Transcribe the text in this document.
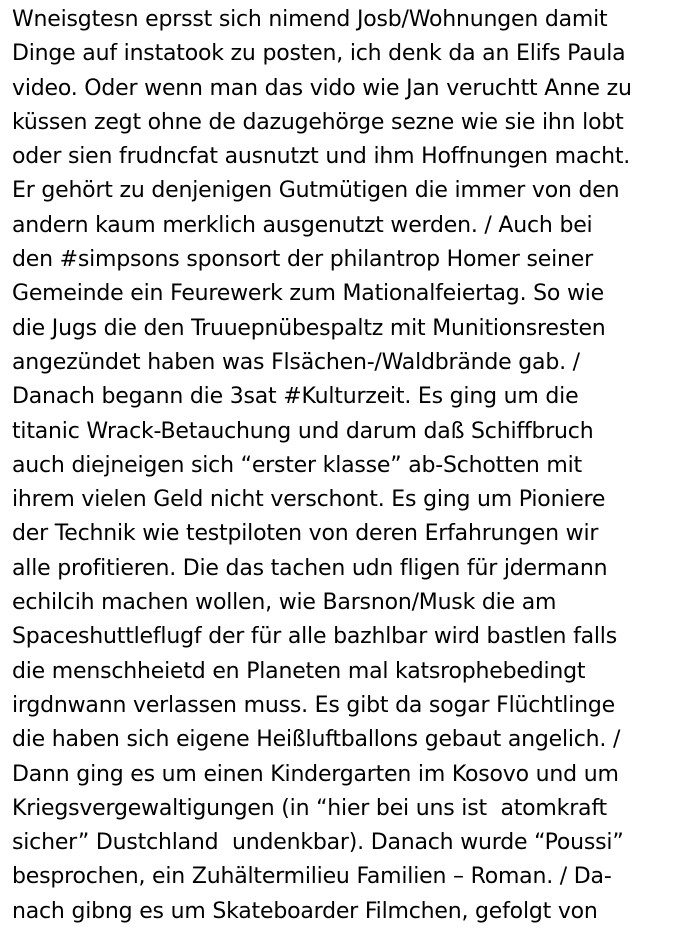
Wneisgtesn eprsst sich nimend Josb/Wohnungen damit
Dinge auf instatook zu posten, ich denk da an Elifs Paula
video. Oder wenn man das vido wie Jan veruchtt Anne zu
küssen zegt ohne de dazugehörge sezne wie sie ihn lobt
oder sien frudncfat ausnutzt und ihm Hoffnungen macht.
Er gehört zu denjenigen Gutmütigen die immer von den
andern kaum merklich ausgenutzt werden. / Auch bei
den #simpsons sponsort der philantrop Homer seiner
Gemeinde ein Feurewerk zum Mationalfeiertag. So wie
die Jugs die den Truuepnübespaltz mit Munitionsresten
angezündet haben was Flsächen-/Waldbrände gab. /
Danach begann die 3sat #Kulturzeit. Es ging um die
titanic Wrack-Betauchung und darum daß Schiffbruch
auch diejneigen sich “erster klasse” ab-Schotten mit
ihrem vielen Geld nicht verschont. Es ging um Pioniere
der Technik wie testpiloten von deren Erfahrungen wir
alle profitieren. Die das tachen udn fligen für jdermann
echilcih machen wollen, wie Barsnon/Musk die am
Spaceshuttleflugf der für alle bazhlbar wird bastlen falls
die menschheietd en Planeten mal katsrophebedingt
irgdnwann verlassen muss. Es gibt da sogar Flüchtlinge
die haben sich eigene Heißluftballons gebaut angelich. /
Dann ging es um einen Kindergarten im Kosovo und um
Kriegsvergewaltigungen (in “hier bei uns ist  atomkraft
sicher” Dustchland  undenkbar). Danach wurde “Poussi”
besprochen, ein Zuhältermilieu Familien – Roman. / Da-
nach gibng es um Skateboarder Filmchen, gefolgt von
